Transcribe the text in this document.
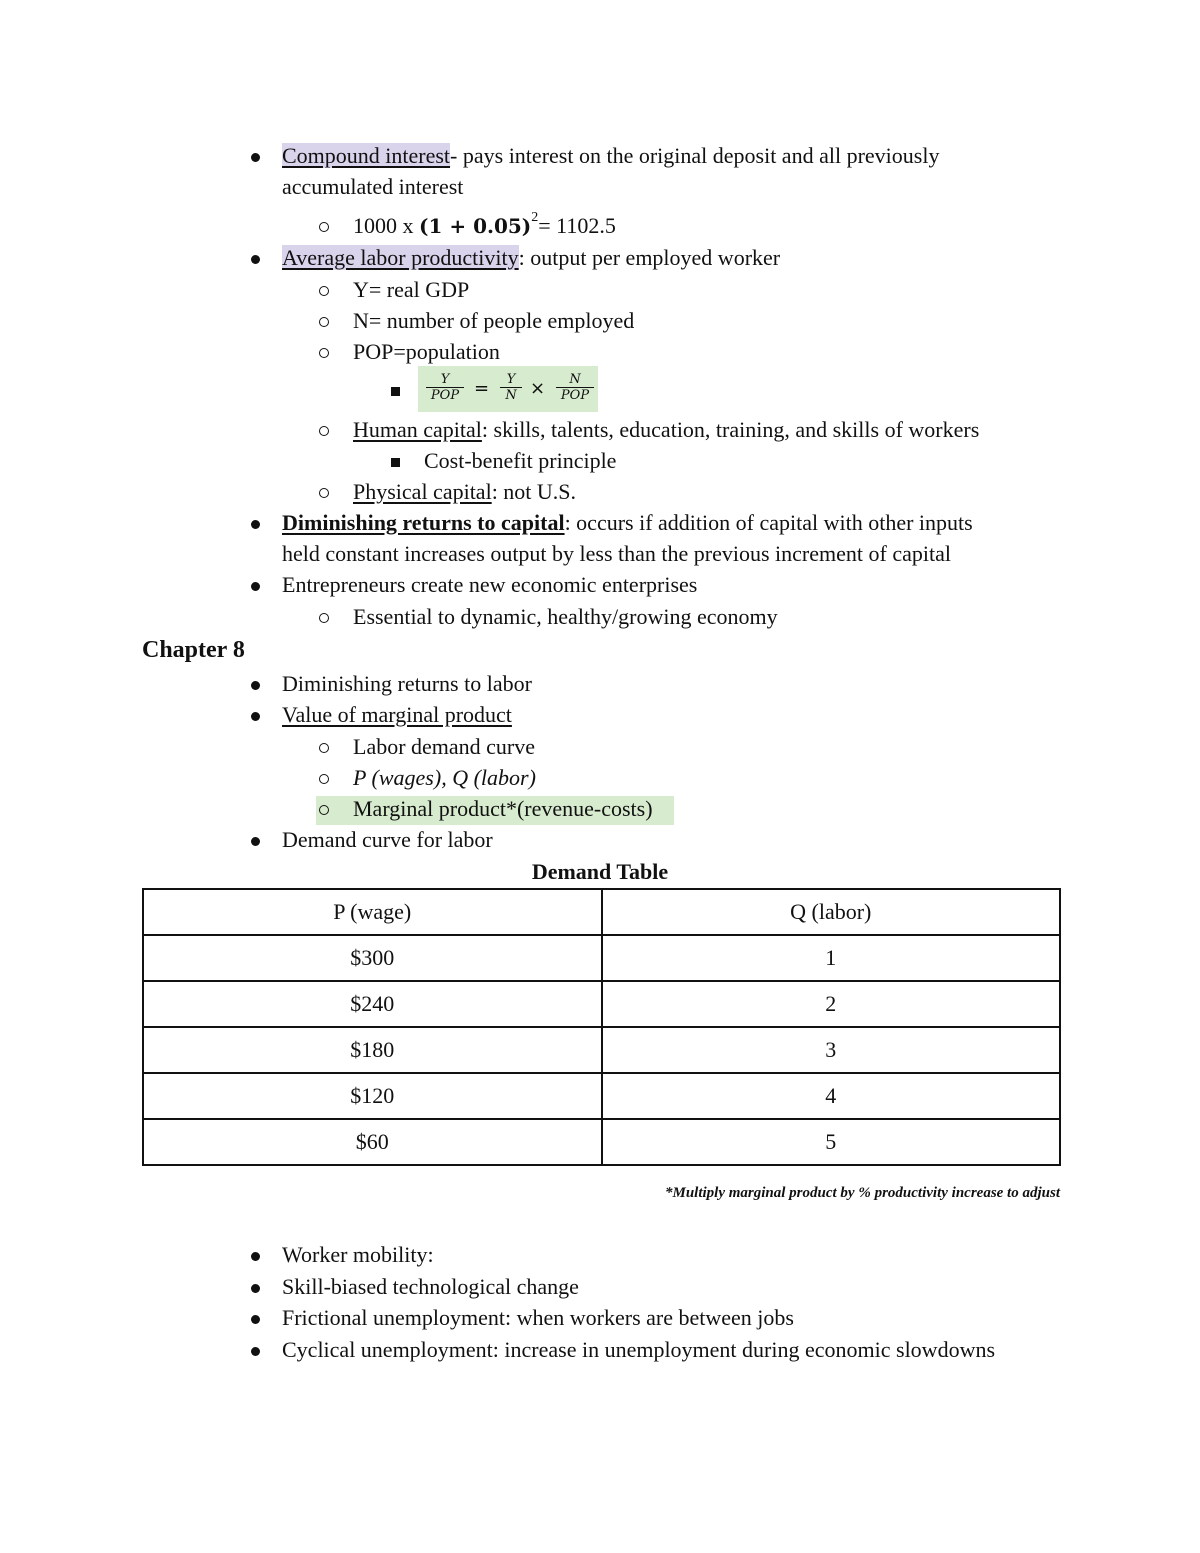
Compound interest- pays interest on the original deposit and all previously
accumulated interest
1000 x $(1 + 0.05)^2= 1102.5$
Average labor productivity: output per employed worker
Y= real GDP
N= number of people employed
POP=population
Y
POP = Y
N × N
POP
Human capital: skills, talents, education, training, and skills of workers
Cost-benefit principle
Physical capital: not U.S.
Diminishing returns to capital: occurs if addition of capital with other inputs
held constant increases output by less than the previous increment of capital
Entrepreneurs create new economic enterprises
Essential to dynamic, healthy/growing economy
Chapter 8
Diminishing returns to labor
Value of marginal product
Labor demand curve
P (wages), Q (labor)
Marginal product*(revenue-costs)
Demand curve for labor
Demand Table
P (wage)	Q (labor)
$300	1
$240	2
$180	3
$120	4
$60	5
*Multiply marginal product by % productivity increase to adjust
Worker mobility:
Skill-biased technological change
Frictional unemployment: when workers are between jobs
Cyclical unemployment: increase in unemployment during economic slowdowns
